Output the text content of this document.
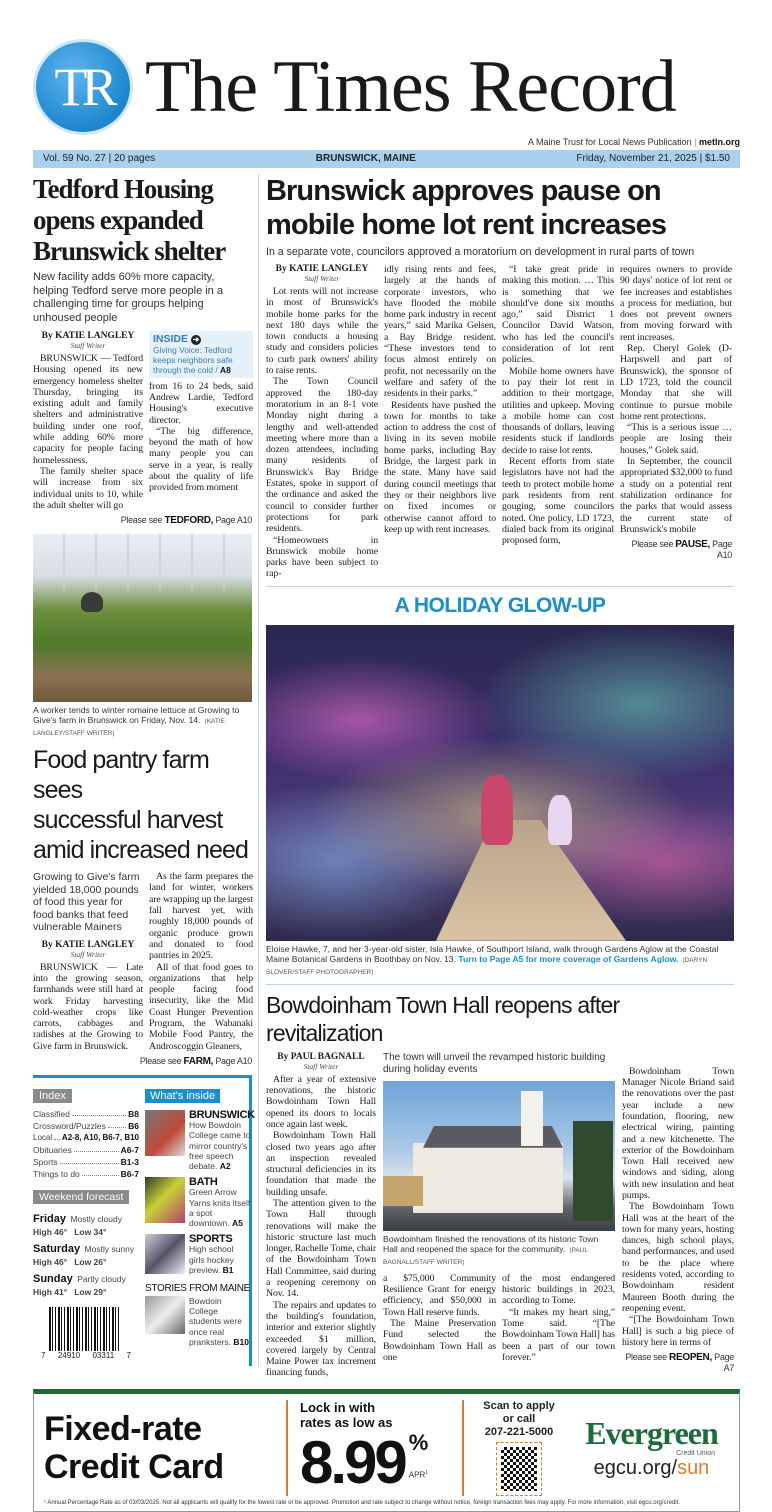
TR The Times Record
A Maine Trust for Local News Publication | metln.org
Vol. 59 No. 27 | 20 pages	BRUNSWICK, MAINE	Friday, November 21, 2025 | $1.50
Tedford Housing
opens expanded
Brunswick shelter
New facility adds 60% more capacity, helping Tedford serve more people in a challenging time for groups helping unhoused people
By KATIE LANGLEY
Staff Writer

BRUNSWICK — Tedford Housing opened its new emergency homeless shelter Thursday, bringing its existing adult and family shelters and administrative building under one roof, while adding 60% more capacity for people facing homelessness.

The family shelter space will increase from six individual units to 10, while the adult shelter will go

INSIDE ➜
Giving Voice: Tedford keeps neighbors safe through the cold / A8

from 16 to 24 beds, said Andrew Lardie, Tedford Housing's executive director.

“The big difference, beyond the math of how many people you can serve in a year, is really about the quality of life provided from moment

Please see TEDFORD, Page A10
A worker tends to winter romaine lettuce at Growing to Give's farm in Brunswick on Friday, Nov. 14. (KATIE LANGLEY/STAFF WRITER)
Food pantry farm sees
successful harvest
amid increased need
Growing to Give's farm yielded 18,000 pounds of food this year for food banks that feed vulnerable Mainers
By KATIE LANGLEY
Staff Writer

BRUNSWICK — Late into the growing season, farmhands were still hard at work Friday harvesting cold-weather crops like carrots, cabbages and radishes at the Growing to Give farm in Brunswick.

As the farm prepares the land for winter, workers are wrapping up the largest fall harvest yet, with roughly 18,000 pounds of organic produce grown and donated to food pantries in 2025.

All of that food goes to organizations that help people facing food insecurity, like the Mid Coast Hunger Prevention Program, the Wabanaki Mobile Food Pantry, the Androscoggin Gleaners,

Please see FARM, Page A10
Index
Classified	B8
Crossword/Puzzles	B6
Local A2-8, A10, B6-7, B10
Obituaries	A6-7
Sports	B1-3
Things to do	B6-7
Weekend forecast
Friday Mostly cloudy
High 46° Low 34°
Saturday Mostly sunny
High 46° Low 26°
Sunday Partly cloudy
High 41° Low 29°
7 24910 03311 7
What's inside
BRUNSWICK
How Bowdoin College came to mirror country's free speech debate. A2
BATH
Green Arrow Yarns knits itself a spot downtown. A5
SPORTS
High school girls hockey preview. B1
STORIES FROM MAINE
Bowdoin College students were once real pranksters. B10
Brunswick approves pause on
mobile home lot rent increases
In a separate vote, councilors approved a moratorium on development in rural parts of town
By KATIE LANGLEY
Staff Writer

Lot rents will not increase in most of Brunswick's mobile home parks for the next 180 days while the town conducts a housing study and considers policies to curb park owners' ability to raise rents.

The Town Council approved the 180-day moratorium in an 8-1 vote Monday night during a lengthy and well-attended meeting where more than a dozen attendees, including many residents of Brunswick's Bay Bridge Estates, spoke in support of the ordinance and asked the council to consider further protections for park residents.

“Homeowners in Brunswick mobile home parks have been subject to rap-

idly rising rents and fees, largely at the hands of corporate investors, who have flooded the mobile home park industry in recent years,” said Marika Gelsen, a Bay Bridge resident. “These investors tend to focus almost entirely on profit, not necessarily on the welfare and safety of the residents in their parks.”

Residents have pushed the town for months to take action to address the cost of living in its seven mobile home parks, including Bay Bridge, the largest park in the state. Many have said during council meetings that they or their neighbors live on fixed incomes or otherwise cannot afford to keep up with rent increases.

“I take great pride in making this motion. … This is something that we should've done six months ago,” said District 1 Councilor David Watson, who has led the council's consideration of lot rent policies.

Mobile home owners have to pay their lot rent in addition to their mortgage, utilities and upkeep. Moving a mobile home can cost thousands of dollars, leaving residents stuck if landlords decide to raise lot rents.

Recent efforts from state legislators have not had the teeth to protect mobile home park residents from rent gouging, some councilors noted. One policy, LD 1723, dialed back from its original proposed form,

requires owners to provide 90 days' notice of lot rent or fee increases and establishes a process for mediation, but does not prevent owners from moving forward with rent increases.

Rep. Cheryl Golek (D-Harpswell and part of Brunswick), the sponsor of LD 1723, told the council Monday that she will continue to pursue mobile home rent protections.

“This is a serious issue … people are losing their houses,” Golek said.

In September, the council appropriated $32,000 to fund a study on a potential rent stabilization ordinance for the parks that would assess the current state of Brunswick's mobile

Please see PAUSE, Page A10
A HOLIDAY GLOW-UP
Eloise Hawke, 7, and her 3-year-old sister, Isla Hawke, of Southport Island, walk through Gardens Aglow at the Coastal Maine Botanical Gardens in Boothbay on Nov. 13. Turn to Page A5 for more coverage of Gardens Aglow. (DARYN SLOVER/STAFF PHOTOGRAPHER)
Bowdoinham Town Hall reopens after revitalization
By PAUL BAGNALL
Staff Writer

After a year of extensive renovations, the historic Bowdoinham Town Hall opened its doors to locals once again last week.

Bowdoinham Town Hall closed two years ago after an inspection revealed structural deficiencies in its foundation that made the building unsafe.

The attention given to the Town Hall through renovations will make the historic structure last much longer, Rachelle Tome, chair of the Bowdoinham Town Hall Committee, said during a reopening ceremony on Nov. 14.

The repairs and updates to the building's foundation, interior and exterior slightly exceeded $1 million, covered largely by Central Maine Power tax increment financing funds,

The town will unveil the revamped historic building during holiday events
Bowdoinham finished the renovations of its historic Town Hall and reopened the space for the community. (PAUL BAGNALL/STAFF WRITER)

a $75,000 Community Resilience Grant for energy efficiency, and $50,000 in Town Hall reserve funds.

The Maine Preservation Fund selected the Bowdoinham Town Hall as one

of the most endangered historic buildings in 2023, according to Tome.

“It makes my heart sing,” Tome said. “[The Bowdoinham Town Hall] has been a part of our town forever.”

Bowdoinham Town Manager Nicole Briand said the renovations over the past year include a new foundation, flooring, new electrical wiring, painting and a new kitchenette. The exterior of the Bowdoinham Town Hall received new windows and siding, along with new insulation and heat pumps.

The Bowdoinham Town Hall was at the heart of the town for many years, hosting dances, high school plays, band performances, and used to be the place where residents voted, according to Bowdoinham resident Maureen Booth during the reopening event.

“[The Bowdoinham Town Hall] is such a big piece of history here in terms of

Please see REOPEN, Page A7
Fixed-rate
Credit Card
Lock in with
rates as low as
8.99 %
APR$^1$
Scan to apply
or call
207-221-5000 Evergreen
Credit Union
egcu.org/sun
¹ Annual Percentage Rate as of 03/03/2025. Not all applicants will qualify for the lowest rate or be approved. Promotion and rate subject to change without notice, foreign transaction fees may apply. For more information, visit egcu.org/credit.
